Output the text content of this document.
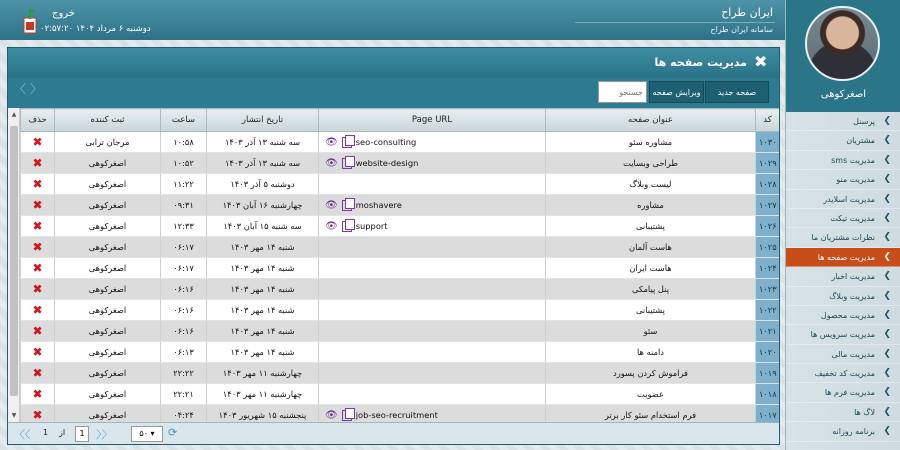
ایران طراح
سامانه ایران طراح
خروج
دوشنبه ۶ مرداد ۱۴۰۴ ۰۲:۵۷:۲۰
اصغرکوهی
❯
پرسنل
❯
مشتریان
❯
مدیریت sms
❯
مدیریت منو
❯
مدیریت اسلایدر
❯
مدیریت تیکت
❯
نظرات مشتریان ما
❯
مدیریت صفحه ها
❯
مدیریت اخبار
❯
مدیریت وبلاگ
❯
مدیریت محصول
❯
مدیریت سرویس ها
❯
مدیریت مالی
❯
مدیریت کد تخفیف
❯
مدیریت فرم ها
❯
لاگ ها
❯
برنامه روزانه
مدیریت صفحه ها ✖
〈 〉	صفحه جدید
ویرایش صفحه
جستجو
▲
▼
کد	عنوان صفحه	Page URL	تاریخ انتشار	ساعت	ثبت کننده	حذف
۱۰۳۰	مشاوره سئو	👁 seo-consulting	سه شنبه ۱۳ آذر ۱۴۰۳	۱۰:۵۸	مرجان ترابی	✖
۱۰۲۹	طراحی وبسایت	👁 website-design	سه شنبه ۱۳ آذر ۱۴۰۳	۱۰:۵۲	اصغرکوهی	✖
۱۰۲۸	لیست وبلاگ		دوشنبه ۵ آذر ۱۴۰۳	۱۱:۲۲	اصغرکوهی	✖
۱۰۲۷	مشاوره	👁 moshavere	چهارشنبه ۱۶ آبان ۱۴۰۳	۰۹:۳۱	اصغرکوهی	✖
۱۰۲۶	پشتیبانی	👁 support	سه شنبه ۱۵ آبان ۱۴۰۳	۱۲:۳۳	اصغرکوهی	✖
۱۰۲۵	هاست آلمان		شنبه ۱۴ مهر ۱۴۰۳	۰۶:۱۷	اصغرکوهی	✖
۱۰۲۴	هاست ایران		شنبه ۱۴ مهر ۱۴۰۳	۰۶:۱۷	اصغرکوهی	✖
۱۰۲۳	پنل پیامکی		شنبه ۱۴ مهر ۱۴۰۳	۰۶:۱۶	اصغرکوهی	✖
۱۰۲۲	پشتیبانی		شنبه ۱۴ مهر ۱۴۰۳	۰۶:۱۶	اصغرکوهی	✖
۱۰۲۱	سئو		شنبه ۱۴ مهر ۱۴۰۳	۰۶:۱۶	اصغرکوهی	✖
۱۰۲۰	دامنه ها		شنبه ۱۴ مهر ۱۴۰۳	۰۶:۱۳	اصغرکوهی	✖
۱۰۱۹	فراموش کردن پسورد		چهارشنبه ۱۱ مهر ۱۴۰۳	۲۲:۲۲	اصغرکوهی	✖
۱۰۱۸	عضویت		چهارشنبه ۱۱ مهر ۱۴۰۳	۲۲:۲۱	اصغرکوهی	✖
۱۰۱۷	فرم استخدام سئو کار برتر	👁 job-seo-recruitment	پنجشنبه ۱۵ شهریور ۱۴۰۳	۰۴:۲۴	اصغرکوهی	✖
〈〈 1 از	1	〉〉	۵۰ ▾	⟳
